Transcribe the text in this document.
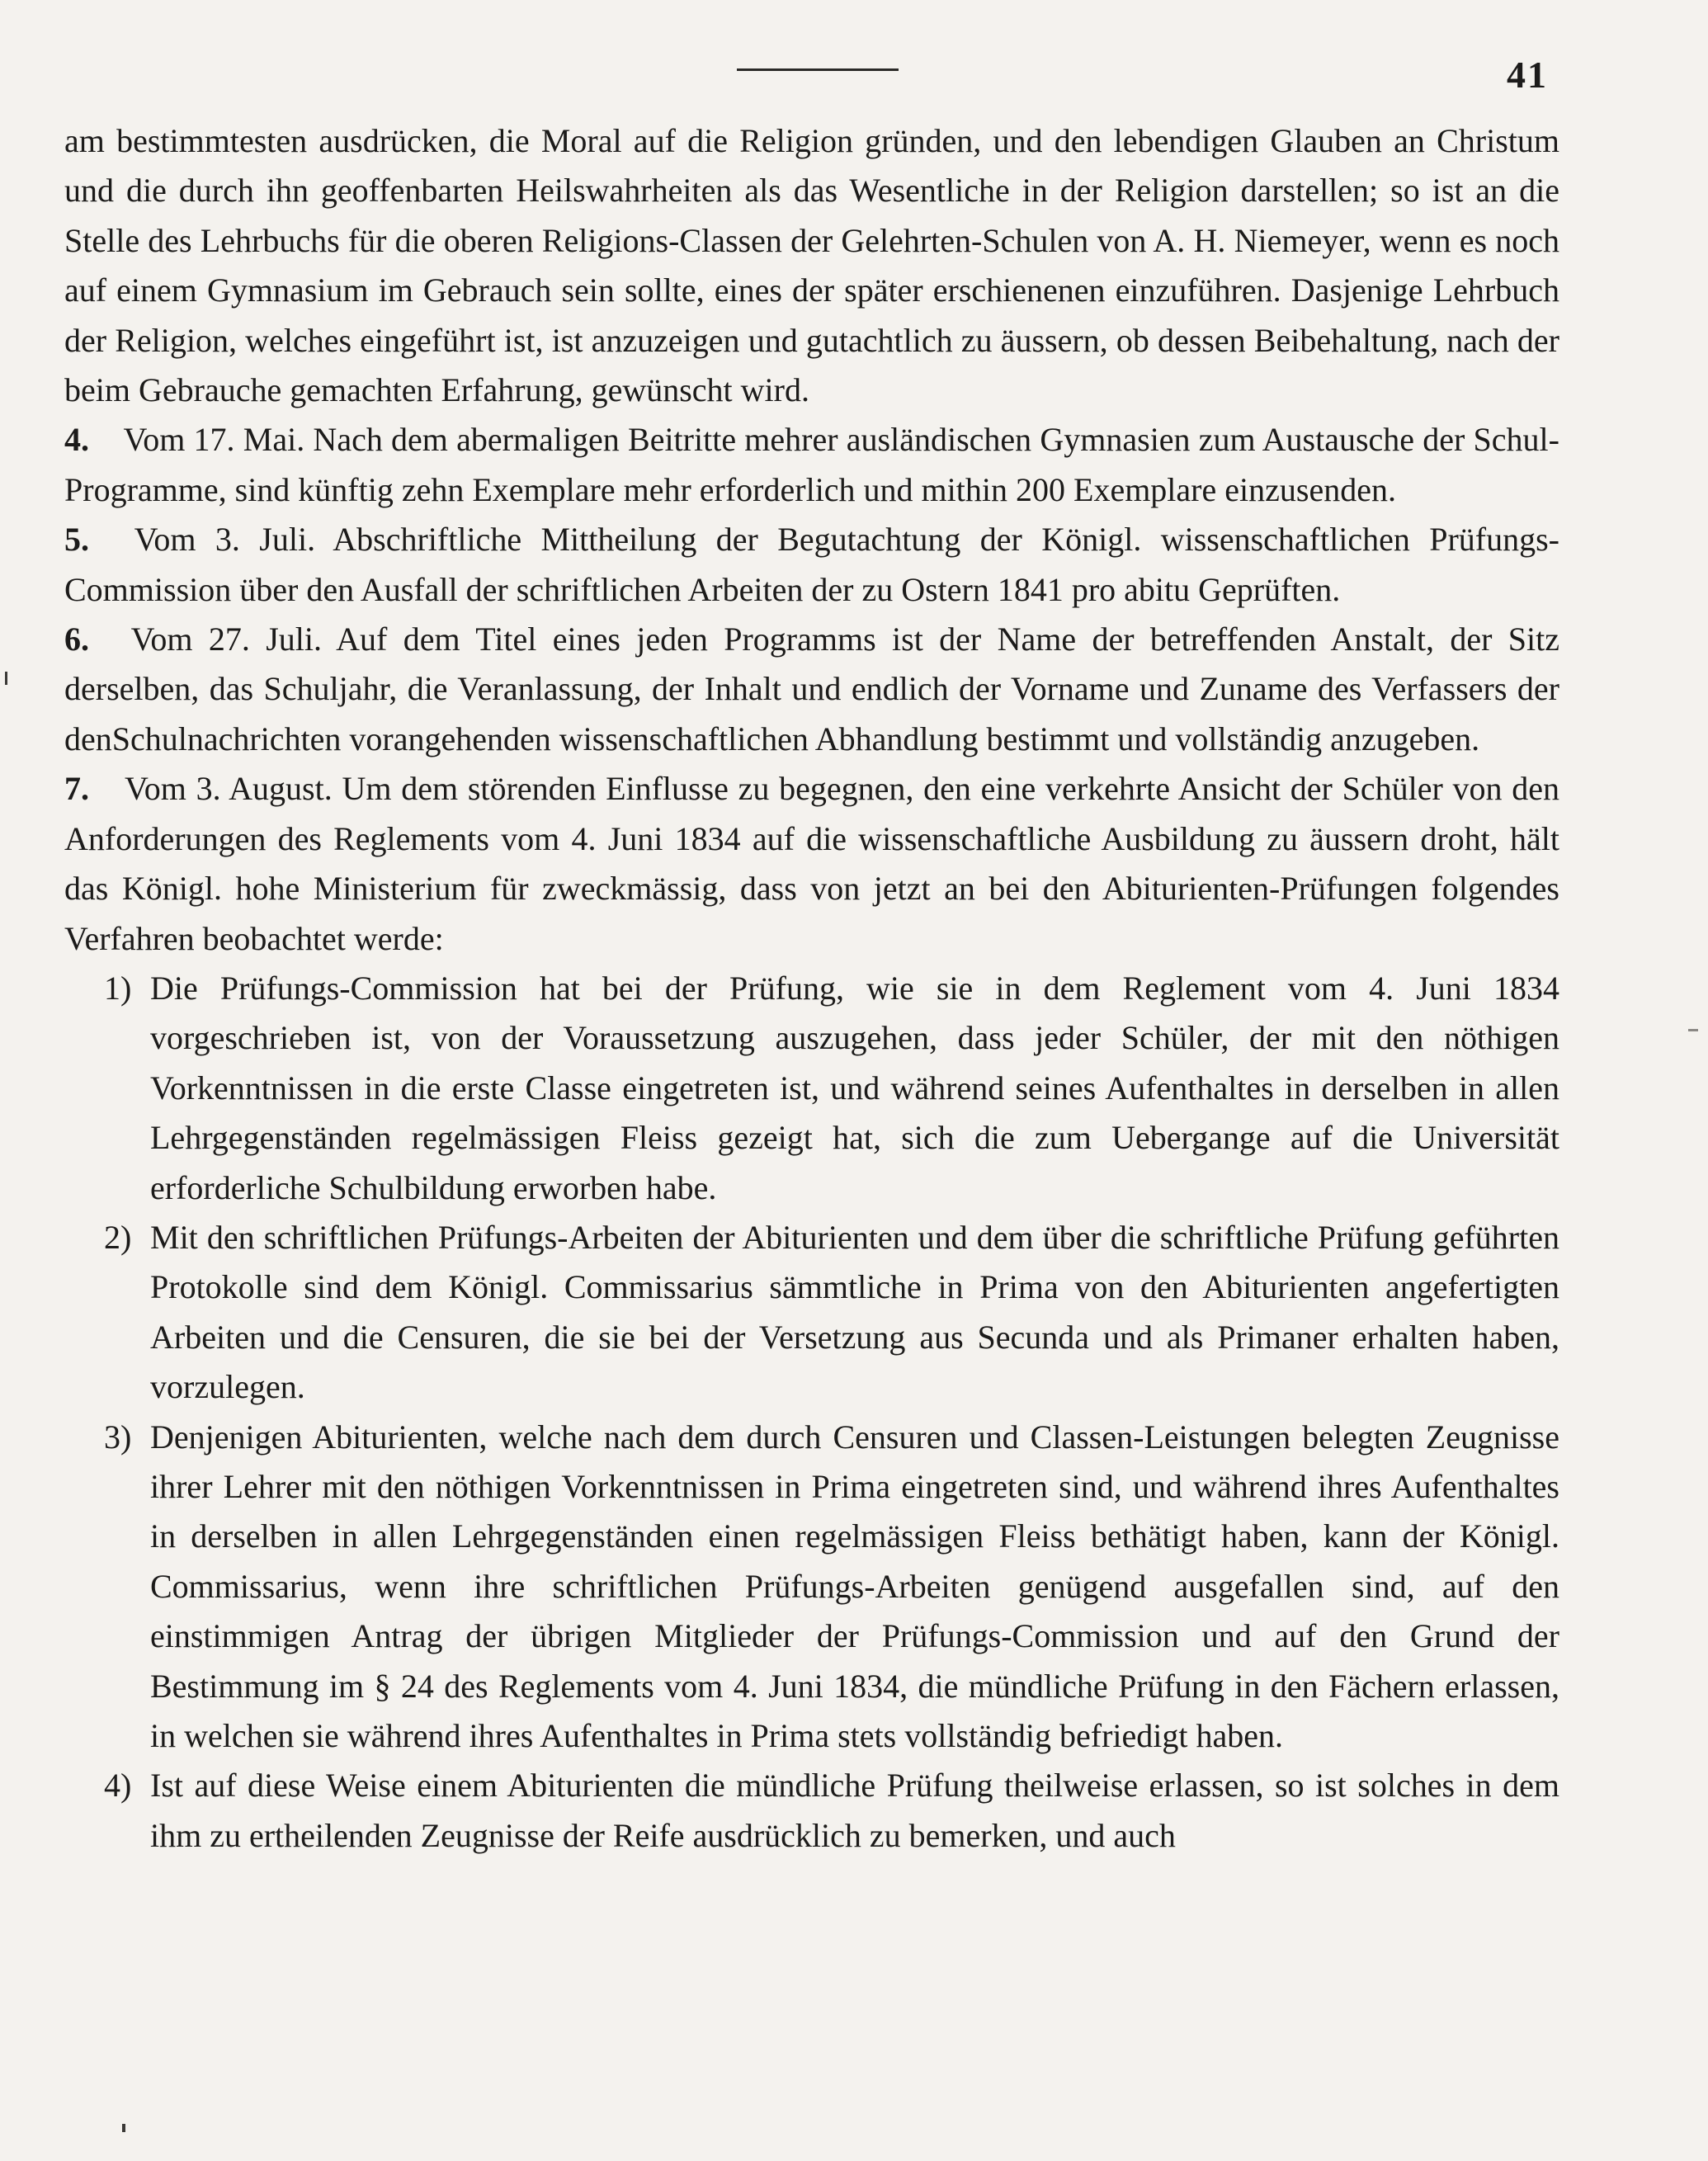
41

am bestimmtesten ausdrücken, die Moral auf die Religion gründen, und den lebendigen Glauben an Christum und die durch ihn geoffenbarten Heilswahrheiten als das Wesentliche in der Religion darstellen; so ist an die Stelle des Lehrbuchs für die oberen Religions-Classen der Gelehrten-Schulen von A. H. Niemeyer, wenn es noch auf einem Gymnasium im Gebrauch sein sollte, eines der später erschienenen einzuführen. Dasjenige Lehrbuch der Religion, welches eingeführt ist, ist anzuzeigen und gutachtlich zu äussern, ob dessen Beibehaltung, nach der beim Gebrauche gemachten Erfahrung, gewünscht wird.

4. Vom 17. Mai. Nach dem abermaligen Beitritte mehrer ausländischen Gymnasien zum Austausche der Schul-Programme, sind künftig zehn Exemplare mehr erforderlich und mithin 200 Exemplare einzusenden.

5. Vom 3. Juli. Abschriftliche Mittheilung der Begutachtung der Königl. wissenschaftlichen Prüfungs-Commission über den Ausfall der schriftlichen Arbeiten der zu Ostern 1841 pro abitu Geprüften.

6. Vom 27. Juli. Auf dem Titel eines jeden Programms ist der Name der betreffenden Anstalt, der Sitz derselben, das Schuljahr, die Veranlassung, der Inhalt und endlich der Vorname und Zuname des Verfassers der denSchulnachrichten vorangehenden wissenschaftlichen Abhandlung bestimmt und vollständig anzugeben.

7. Vom 3. August. Um dem störenden Einflusse zu begegnen, den eine verkehrte Ansicht der Schüler von den Anforderungen des Reglements vom 4. Juni 1834 auf die wissenschaftliche Ausbildung zu äussern droht, hält das Königl. hohe Ministerium für zweckmässig, dass von jetzt an bei den Abiturienten-Prüfungen folgendes Verfahren beobachtet werde:

1) Die Prüfungs-Commission hat bei der Prüfung, wie sie in dem Reglement vom 4. Juni 1834 vorgeschrieben ist, von der Voraussetzung auszugehen, dass jeder Schüler, der mit den nöthigen Vorkenntnissen in die erste Classe eingetreten ist, und während seines Aufenthaltes in derselben in allen Lehrgegenständen regelmässigen Fleiss gezeigt hat, sich die zum Uebergange auf die Universität erforderliche Schulbildung erworben habe.

2) Mit den schriftlichen Prüfungs-Arbeiten der Abiturienten und dem über die schriftliche Prüfung geführten Protokolle sind dem Königl. Commissarius sämmtliche in Prima von den Abiturienten angefertigten Arbeiten und die Censuren, die sie bei der Versetzung aus Secunda und als Primaner erhalten haben, vorzulegen.

3) Denjenigen Abiturienten, welche nach dem durch Censuren und Classen-Leistungen belegten Zeugnisse ihrer Lehrer mit den nöthigen Vorkenntnissen in Prima eingetreten sind, und während ihres Aufenthaltes in derselben in allen Lehrgegenständen einen regelmässigen Fleiss bethätigt haben, kann der Königl. Commissarius, wenn ihre schriftlichen Prüfungs-Arbeiten genügend ausgefallen sind, auf den einstimmigen Antrag der übrigen Mitglieder der Prüfungs-Commission und auf den Grund der Bestimmung im § 24 des Reglements vom 4. Juni 1834, die mündliche Prüfung in den Fächern erlassen, in welchen sie während ihres Aufenthaltes in Prima stets vollständig befriedigt haben.

4) Ist auf diese Weise einem Abiturienten die mündliche Prüfung theilweise erlassen, so ist solches in dem ihm zu ertheilenden Zeugnisse der Reife ausdrücklich zu bemerken, und auch
